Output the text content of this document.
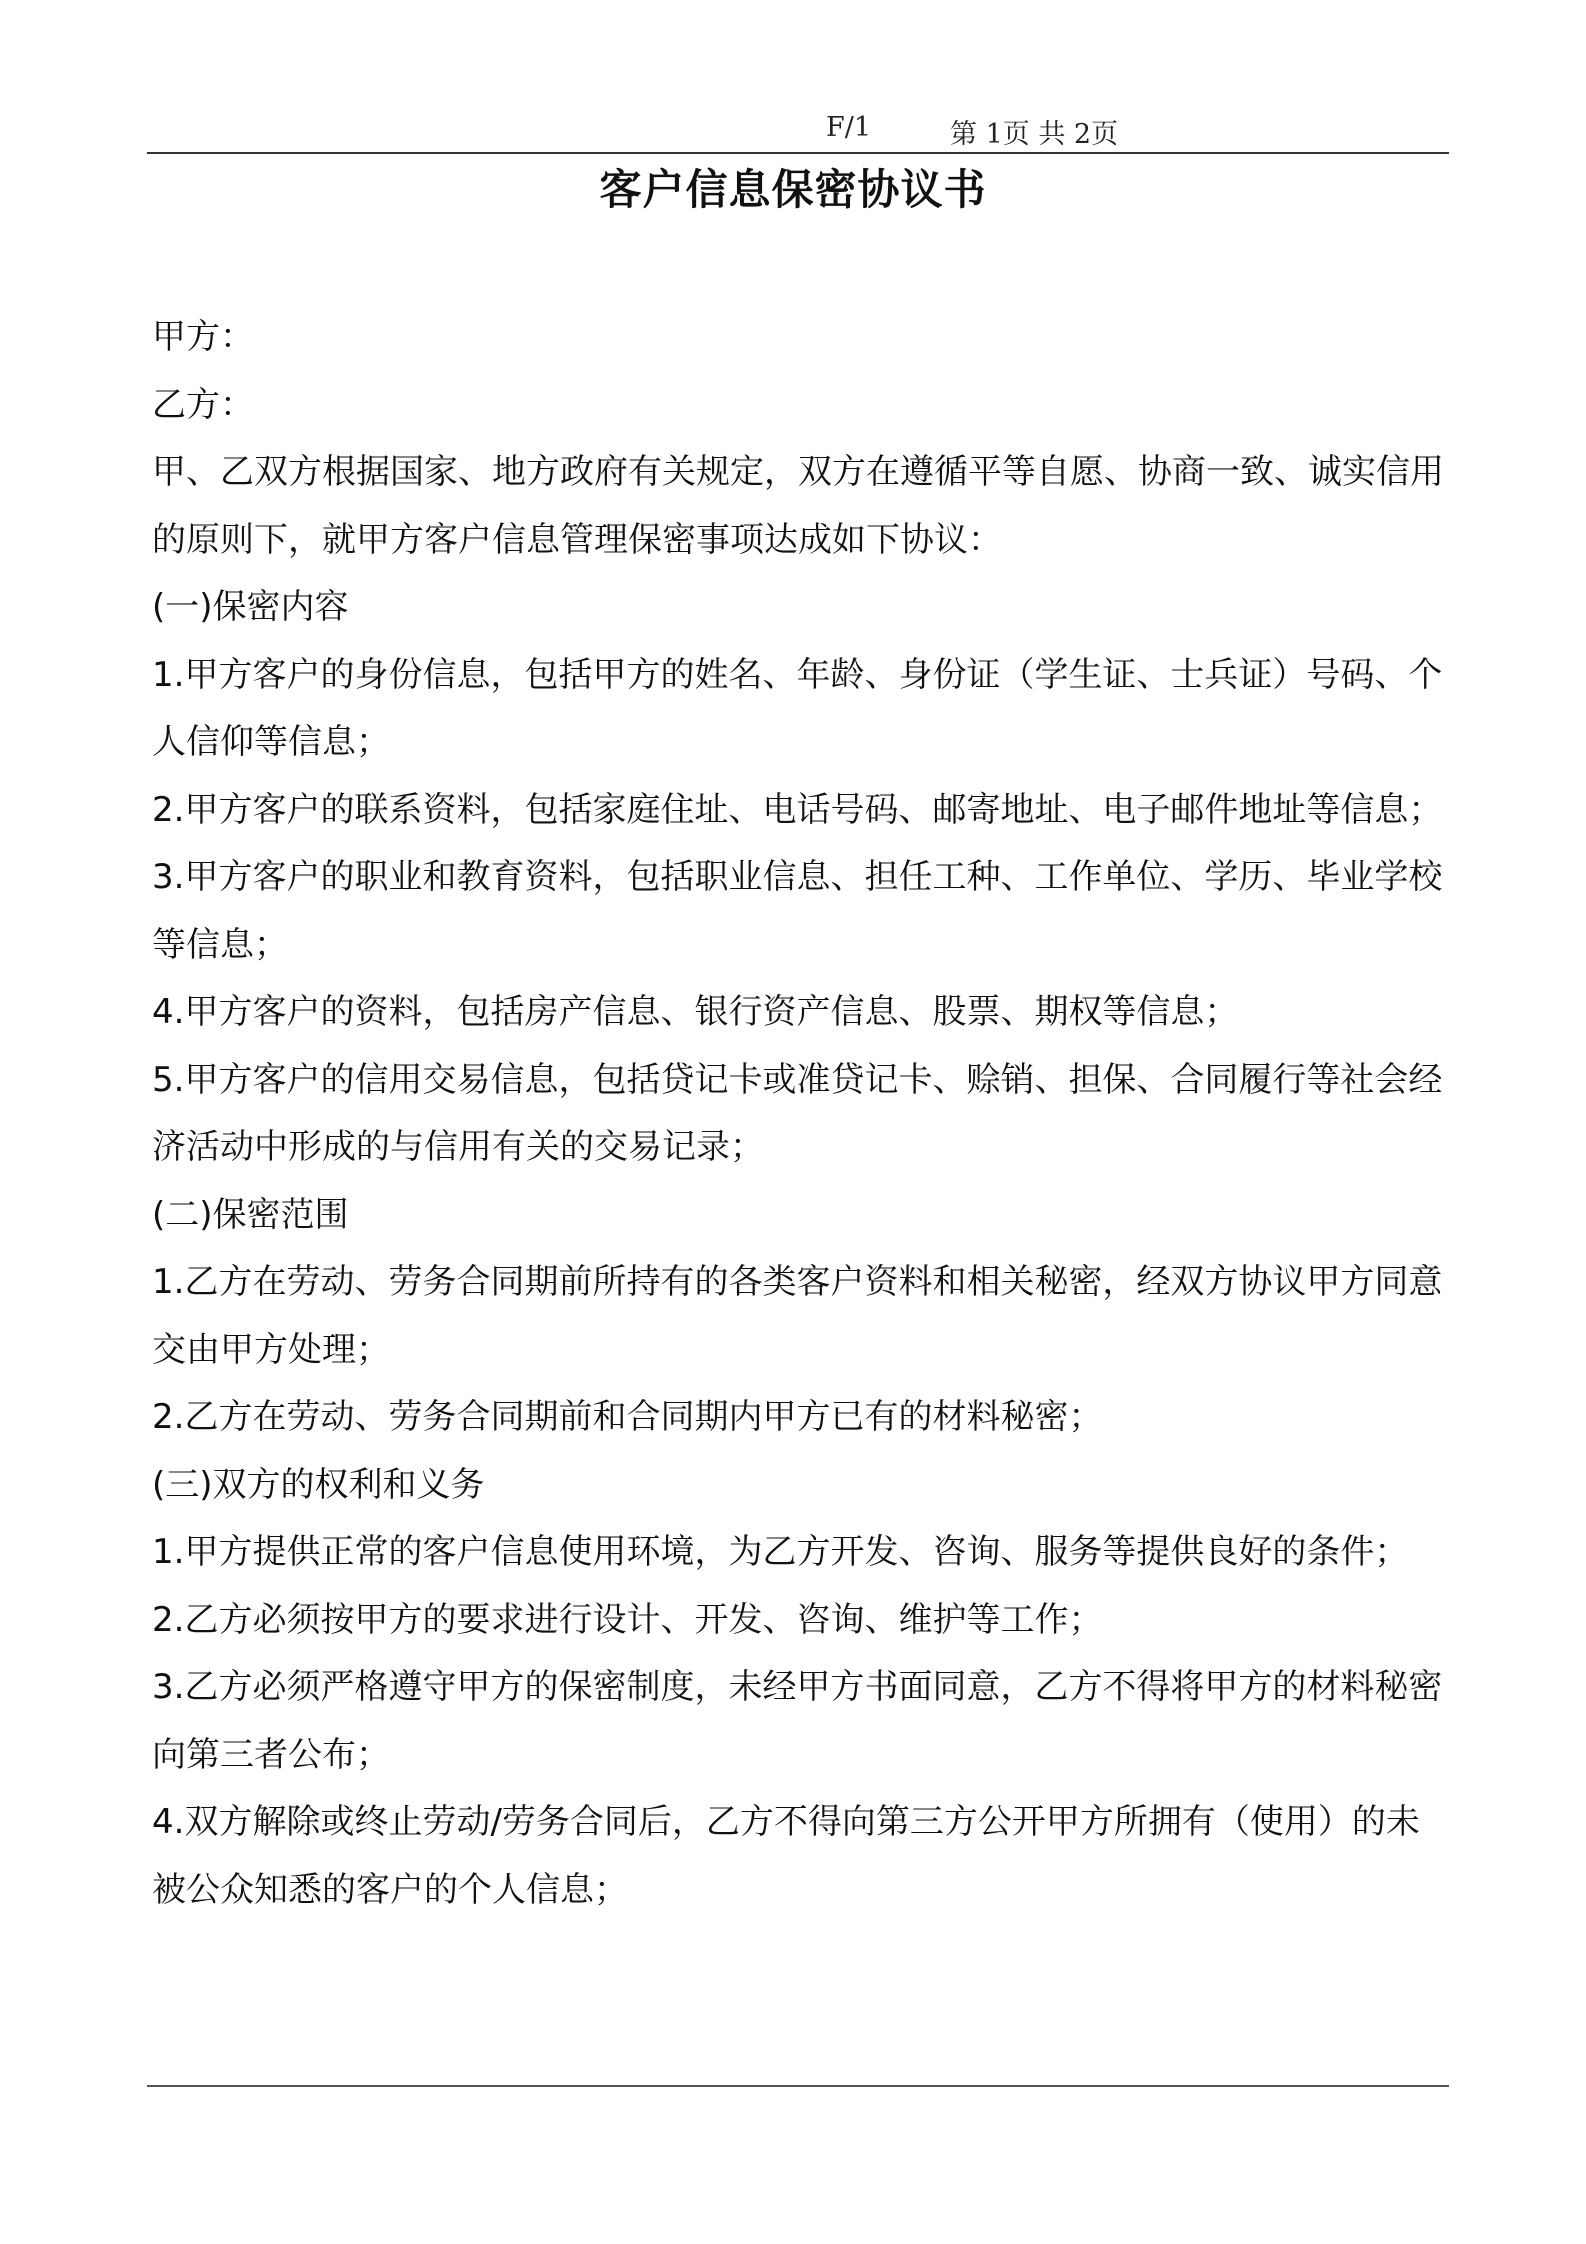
F/1	第 1页 共 2页
客户信息保密协议书

甲方：

乙方：

甲、乙双方根据国家、地方政府有关规定，双方在遵循平等自愿、协商一致、诚实信用的原则下，就甲方客户信息管理保密事项达成如下协议：

(一)保密内容

1.甲方客户的身份信息，包括甲方的姓名、年龄、身份证（学生证、士兵证）号码、个人信仰等信息；

2.甲方客户的联系资料，包括家庭住址、电话号码、邮寄地址、电子邮件地址等信息；

3.甲方客户的职业和教育资料，包括职业信息、担任工种、工作单位、学历、毕业学校等信息；

4.甲方客户的资料，包括房产信息、银行资产信息、股票、期权等信息；

5.甲方客户的信用交易信息，包括贷记卡或准贷记卡、赊销、担保、合同履行等社会经济活动中形成的与信用有关的交易记录；

(二)保密范围

1.乙方在劳动、劳务合同期前所持有的各类客户资料和相关秘密，经双方协议甲方同意交由甲方处理；

2.乙方在劳动、劳务合同期前和合同期内甲方已有的材料秘密；

(三)双方的权利和义务

1.甲方提供正常的客户信息使用环境，为乙方开发、咨询、服务等提供良好的条件；

2.乙方必须按甲方的要求进行设计、开发、咨询、维护等工作；

3.乙方必须严格遵守甲方的保密制度，未经甲方书面同意，乙方不得将甲方的材料秘密向第三者公布；

4.双方解除或终止劳动/劳务合同后，乙方不得向第三方公开甲方所拥有（使用）的未被公众知悉的客户的个人信息；
